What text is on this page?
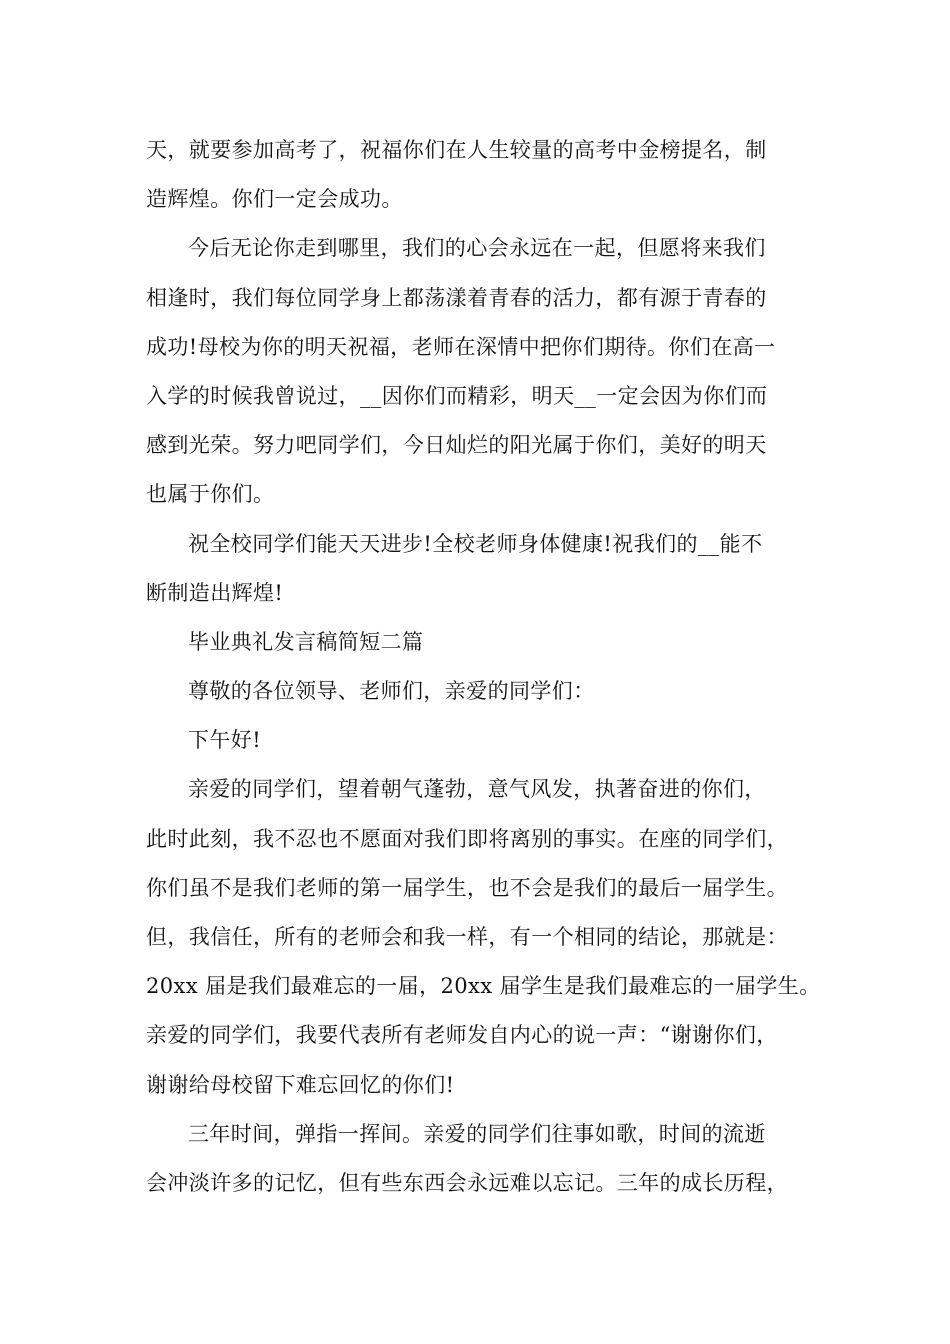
天，就要参加高考了，祝福你们在人生较量的高考中金榜提名，制
造辉煌。你们一定会成功。
今后无论你走到哪里，我们的心会永远在一起，但愿将来我们
相逢时，我们每位同学身上都荡漾着青春的活力，都有源于青春的
成功!母校为你的明天祝福，老师在深情中把你们期待。你们在高一
入学的时候我曾说过，__因你们而精彩，明天__一定会因为你们而
感到光荣。努力吧同学们，今日灿烂的阳光属于你们，美好的明天
也属于你们。
祝全校同学们能天天进步!全校老师身体健康!祝我们的__能不
断制造出辉煌!
毕业典礼发言稿简短二篇
尊敬的各位领导、老师们，亲爱的同学们：
下午好!
亲爱的同学们，望着朝气蓬勃，意气风发，执著奋进的你们，
此时此刻，我不忍也不愿面对我们即将离别的事实。在座的同学们，
你们虽不是我们老师的第一届学生，也不会是我们的最后一届学生。
但，我信任，所有的老师会和我一样，有一个相同的结论，那就是：
20xx 届是我们最难忘的一届，20xx 届学生是我们最难忘的一届学生。
亲爱的同学们，我要代表所有老师发自内心的说一声：“谢谢你们，
谢谢给母校留下难忘回忆的你们!
三年时间，弹指一挥间。亲爱的同学们往事如歌，时间的流逝
会冲淡许多的记忆，但有些东西会永远难以忘记。三年的成长历程，
